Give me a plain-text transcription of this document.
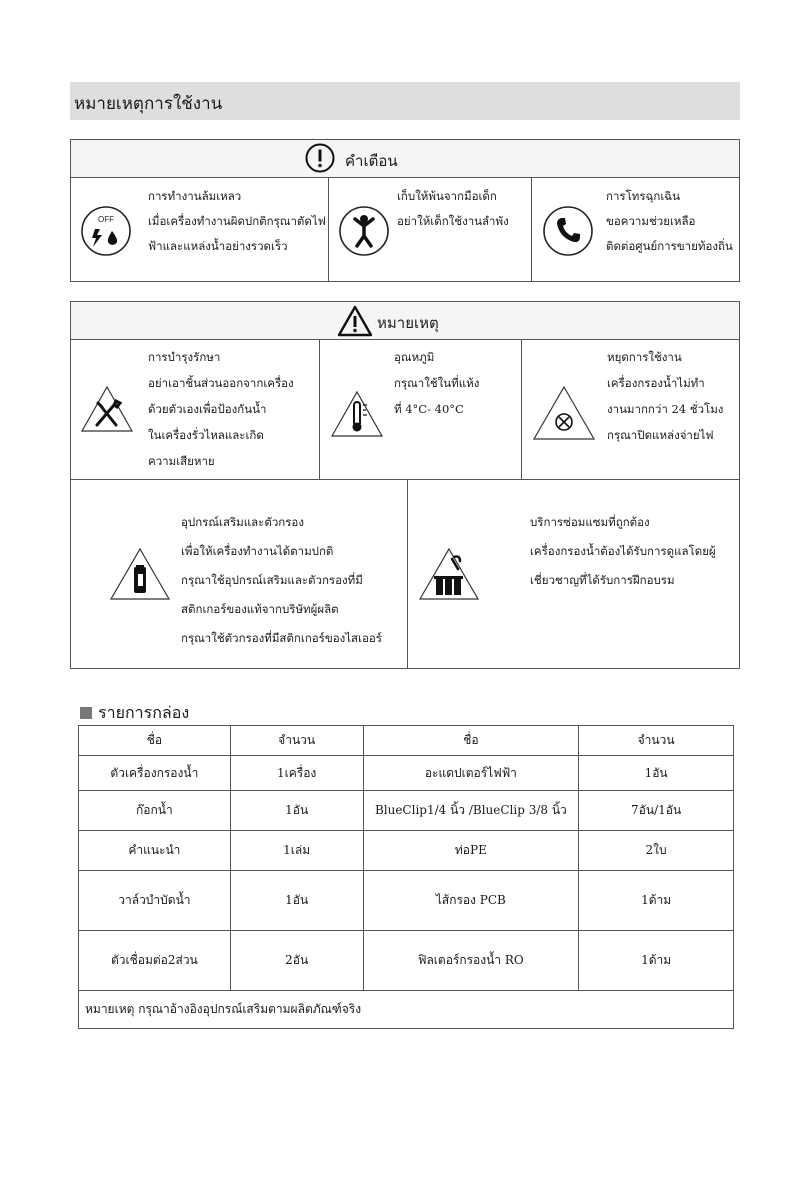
หมายเหตุการใช้งาน
คำเตือน
OFF
การทำงานล้มเหลว
เมื่อเครื่องทำงานผิดปกติกรุณาตัดไฟ
ฟ้าและแหล่งน้ำอย่างรวดเร็ว
เก็บให้พ้นจากมือเด็ก
อย่าให้เด็กใช้งานลำพัง
การโทรฉุกเฉิน
ขอความช่วยเหลือ
ติดต่อศูนย์การขายท้องถิ่น
หมายเหตุ
การบำรุงรักษา
อย่าเอาชิ้นส่วนออกจากเครื่อง
ด้วยตัวเองเพื่อป้องกันน้ำ
ในเครื่องรั่วไหลและเกิด
ความเสียหาย
อุณหภูมิ
กรุณาใช้ในที่แห้ง
ที่ 4°C- 40°C
หยุดการใช้งาน
เครื่องกรองน้ำไม่ทำ
งานมากกว่า 24 ชั่วโมง
กรุณาปิดแหล่งจ่ายไฟ
อุปกรณ์เสริมและตัวกรอง
เพื่อให้เครื่องทำงานได้ตามปกติ
กรุณาใช้อุปกรณ์เสริมและตัวกรองที่มี
สติกเกอร์ของแท้จากบริษัทผู้ผลิต
กรุณาใช้ตัวกรองที่มีสติกเกอร์ของไสเออร์
บริการซ่อมแซมที่ถูกต้อง
เครื่องกรองน้ำต้องได้รับการดูแลโดยผู้
เชี่ยวชาญที่ได้รับการฝึกอบรม
รายการกล่อง
ชื่อ	จำนวน	ชื่อ	จำนวน
ตัวเครื่องกรองน้ำ	1เครื่อง	อะแดปเตอร์ไฟฟ้า	1อัน
ก๊อกน้ำ	1อัน	BlueClip1/4 นิ้ว /BlueClip 3/8 นิ้ว	7อัน/1อัน
คำแนะนำ	1เล่ม	ท่อPE	2ใบ
วาล์วบำบัดน้ำ	1อัน	ไส้กรอง PCB	1ด้าม
ตัวเชื่อมต่อ2ส่วน	2อัน	ฟิลเตอร์กรองน้ำ RO	1ด้าม
หมายเหตุ กรุณาอ้างอิงอุปกรณ์เสริมตามผลิตภัณฑ์จริง			
